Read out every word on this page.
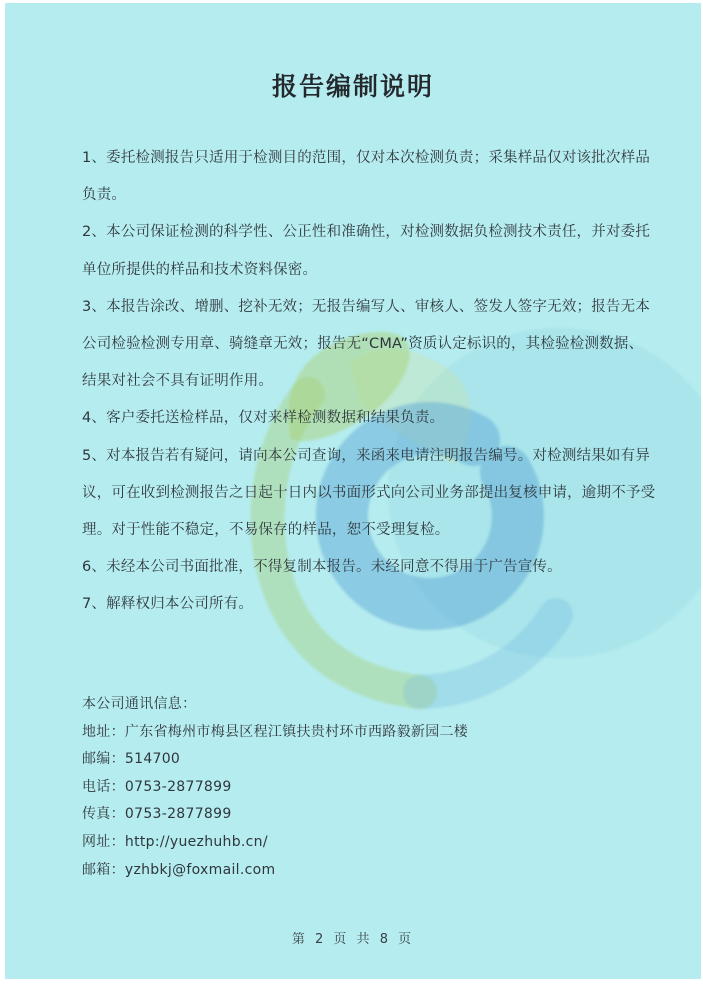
报告编制说明
1、委托检测报告只适用于检测目的范围，仅对本次检测负责；采集样品仅对该批次样品
负责。
2、本公司保证检测的科学性、公正性和准确性，对检测数据负检测技术责任，并对委托
单位所提供的样品和技术资料保密。
3、本报告涂改、增删、挖补无效；无报告编写人、审核人、签发人签字无效；报告无本
公司检验检测专用章、骑缝章无效；报告无“CMA”资质认定标识的，其检验检测数据、
结果对社会不具有证明作用。
4、客户委托送检样品，仅对来样检测数据和结果负责。
5、对本报告若有疑问，请向本公司查询，来函来电请注明报告编号。对检测结果如有异
议，可在收到检测报告之日起十日内以书面形式向公司业务部提出复核申请，逾期不予受
理。对于性能不稳定，不易保存的样品，恕不受理复检。
6、未经本公司书面批准，不得复制本报告。未经同意不得用于广告宣传。
7、解释权归本公司所有。
本公司通讯信息：
地址：广东省梅州市梅县区程江镇扶贵村环市西路毅新园二楼
邮编：514700
电话：0753-2877899
传真：0753-2877899
网址：http://yuezhuhb.cn/
邮箱：yzhbkj@foxmail.com
第 2 页 共 8 页
